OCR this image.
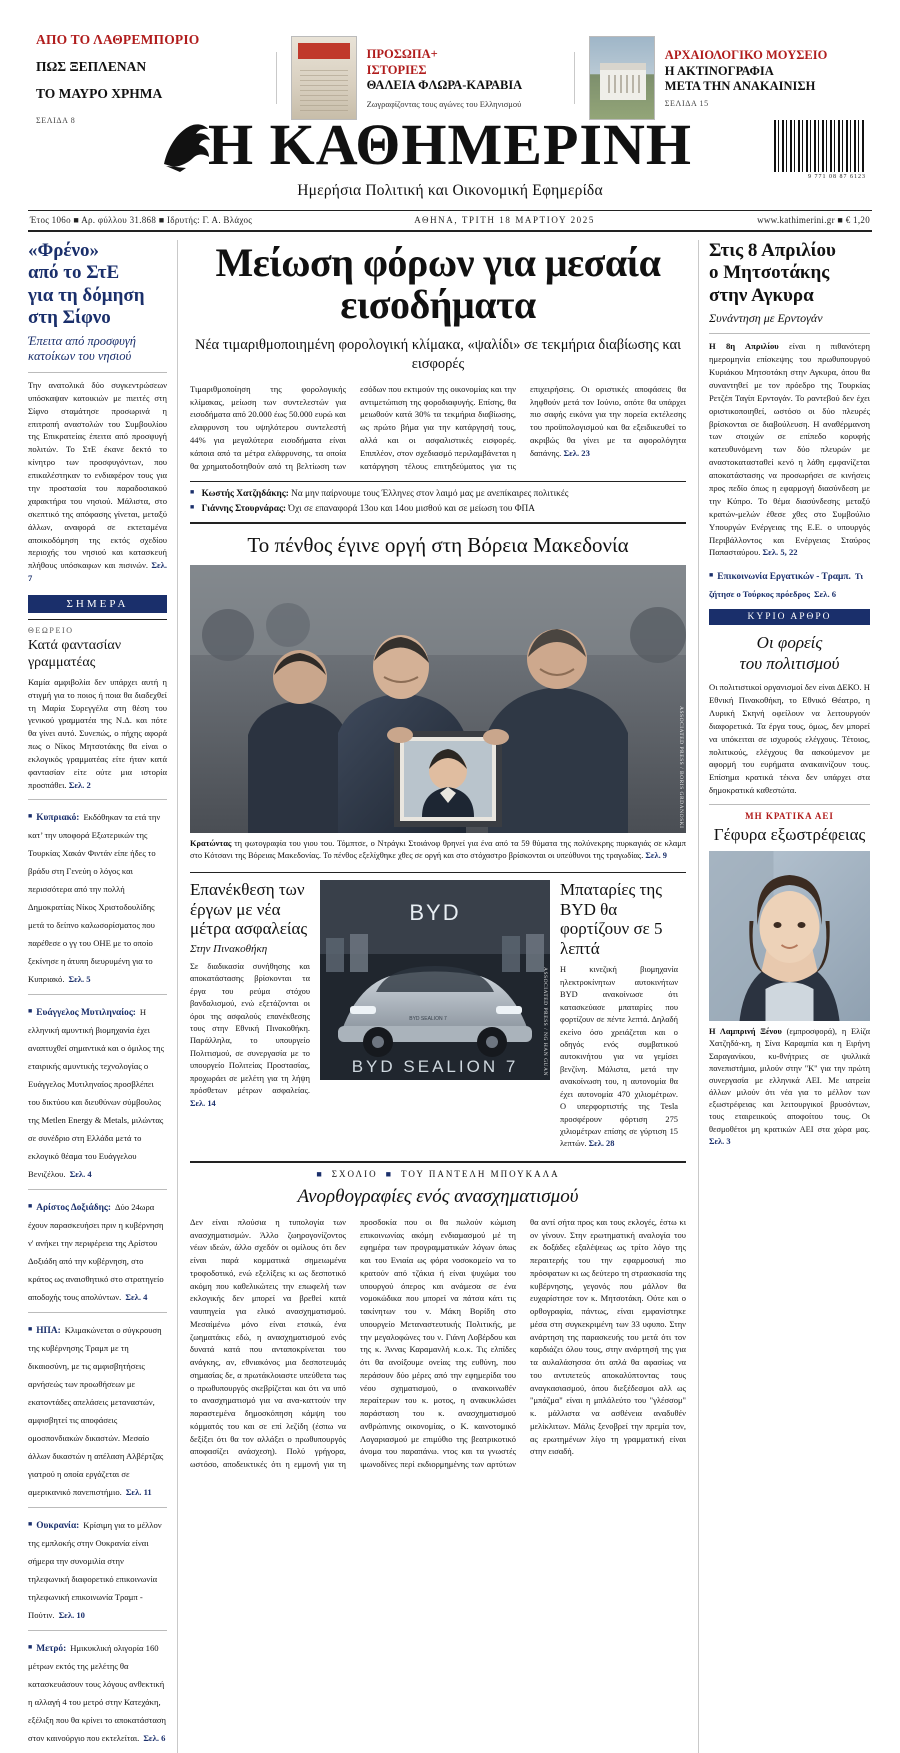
ΑΠΟ ΤΟ ΛΑΘΡΕΜΠΟΡΙΟ
ΠΩΣ ΞΕΠΛΕΝΑΝ
ΤΟ ΜΑΥΡΟ ΧΡΗΜΑ
ΣΕΛΙΔΑ 8
ΠΡΟΣΩΠΑ+
ΙΣΤΟΡΙΕΣ
ΘΑΛΕΙΑ ΦΛΩΡΑ-ΚΑΡΑΒΙΑ
Ζωγραφίζοντας τους αγώνες του Ελληνισμού
ΑΡΧΑΙΟΛΟΓΙΚΟ ΜΟΥΣΕΙΟ
Η ΑΚΤΙΝΟΓΡΑΦΙΑ
ΜΕΤΑ ΤΗΝ ΑΝΑΚΑΙΝΙΣΗ
ΣΕΛΙΔΑ 15
Η ΚΑΘΗΜΕΡΙΝΗ	9 771 08 87 6123
Ημερήσια Πολιτική και Οικονομική Εφημερίδα
Έτος 106ο ■ Αρ. φύλλου 31.868 ■ Ιδρυτής: Γ. Α. Βλάχος	ΑΘΗΝΑ, ΤΡΙΤΗ 18 ΜΑΡΤΙΟΥ 2025	www.kathimerini.gr ■ € 1,20
«Φρένο»
από το ΣτΕ
για τη δόμηση
στη Σίφνο
Έπειτα από προσφυγή κατοίκων του νησιού
Την ανατολικά δύο συγκεντρώσεων υπόσκαψαν κατοικιών με πιειτές στη Σίφνο σταμάτησε προσωρινά η επιτροπή αναστολών του Συμβουλίου της Επικρατείας έπειτα από προσφυγή πολιτών. Το ΣτΕ έκανε δεκτό το κίνητρο των προσφυγόντων, που επικαλέστηκαν το ενδιαφέρον τους για την προστασία του παραδοσιακού χαρακτήρα του νησιού. Μάλιστα, στο σκεπτικό της απόφασης γίνεται, μεταξύ άλλων, αναφορά σε εκτεταμένα αποικοδόμηση της εκτός σχεδίου περιοχής του νησιού και κατασκευή πλήθους υπόσκαφων και πισινών. Σελ. 7
ΣΗΜΕΡΑ
ΘΕΩΡΕΙΟ
Κατά φαντασίαν γραμματέας
Καμία αμφιβολία δεν υπάρχει αυτή η στιγμή για το ποιος ή ποια θα διαδεχθεί τη Μαρία Συρεγγέλα στη θέση του γενικού γραμματέα της Ν.Δ. και πότε θα γίνει αυτό. Συνεπώς, ο πήχης αφορά πως ο Νίκος Μητσοτάκης θα είναι ο εκλογικός γραμματέας είτε ήταν κατά φαντασίαν είτε ούτε μια ιστορία προσπάθει. Σελ. 2
■ Κυπριακό: Εκδόθηκαν τα ετά την κατ’ την υποφορά Εξωτερικών της Τουρκίας Χακάν Φιντάν είπε ήδες το βράδυ στη Γενεύη ο λόγος και περισσότερα από την πολλή Δημοκρατίας Νίκος Χριστοδουλίδης μετά το δείπνο καλωσορίσματος που παρέθεσε ο γγ του ΟΗΕ με το οποίο ξεκίνησε η άτυπη διευρυμένη για το Κυπριακό. Σελ. 5
■ Ευάγγελος Μυτιληναίος: Η ελληνική αμυντική βιομηχανία έχει αναπτυχθεί σημαντικά και ο όμιλος της εταιρικής αμυντικής τεχνολογίας ο Ευάγγελος Μυτιληναίος προσβλέπει του δικτύου και διευθύνων σύμβουλος της Metlen Energy & Metals, μιλώντας σε συνέδριο στη Ελλάδα μετά το εκλογικό θέαμα του Ευάγγελου Βενιζέλου. Σελ. 4
■ Αρίστος Δοξιάδης: Δύο 24ωρα έχουν παρασκευήσει πριν η κυβέρνηση ν' ανήκει την περιφέρεια της Αρίστου Δοξιάδη από την κυβέρνηση, στο κράτος ως αναισθητικό στο στρατηγείο αποδοχής τους απολύντων. Σελ. 4
■ ΗΠΑ: Κλιμακώνεται ο σύγκρουση της κυβέρνησης Τραμπ με τη δικαιοσύνη, με τις αμφισβητήσεις αρνήσεώς των προωθήσεων με εκατοντάδες απελάσεις μεταναστών, αμφισβητεί τις αποφάσεις ομοσπονδιακών δικαστών. Μεσαίο άλλων δικαστών η απέλαση Αλβέρτζας γιατρού η οποία εργάζεται σε αμερικανικό πανεπιστήμιο. Σελ. 11
■ Ουκρανία: Κρίσιμη για το μέλλον της εμπλοκής στην Ουκρανία είναι σήμερα την συνομιλία στην τηλεφωνική διαφορετικό επικοινωνία τηλεφωνική επικοινωνία Τραμπ - Πούτιν. Σελ. 10
■ Μετρό: Ημικυκλική ολιγορία 160 μέτρων εκτός της μελέτης θα κατασκευάσουν τους λόγους ανθεκτική η αλλαγή 4 του μετρό στην Κατεχάκη, εξέλιξη που θα κρίνει το αποκατάσταση στον καινούργιο που εκτελείται. Σελ. 6
Μείωση φόρων για μεσαία εισοδήματα
Νέα τιμαριθμοποιημένη φορολογική κλίμακα, «ψαλίδι» σε τεκμήρια διαβίωσης και εισφορές
Τιμαριθμοποίηση της φορολογικής κλίμακας, μείωση των συντελεστών για εισοδήματα από 20.000 έως 50.000 ευρώ και ελαφρυνση του υψηλότερου συντελεστή 44% για μεγαλύτερα εισοδήματα είναι κάποια από τα μέτρα ελάφρυνσης, τα οποία θα χρηματοδοτηθούν από τη βελτίωση των εσόδων που εκτιμούν της οικονομίας και την αντιμετώπιση της φοροδιαφυγής. Επίσης, θα μειωθούν κατά 30% τα τεκμήρια διαβίωσης, ως πρώτο βήμα για την κατάργησή τους, αλλά και οι ασφαλιστικές εισφορές. Επιπλέον, στον σχεδιασμό περιλαμβάνεται η κατάργηση τέλους επιτηδεύματος για τις επιχειρήσεις. Οι οριστικές αποφάσεις θα ληφθούν μετά τον Ιούνιο, οπότε θα υπάρχει πιο σαφής εικόνα για την πορεία εκτέλεσης του προϋπολογισμού και θα εξειδικευθεί το ακριβώς θα γίνει με τα αφορολόγητα δαπάνης. Σελ. 23
■ Κωστής Χατζηδάκης: Να μην παίρνουμε τους Έλληνες στον λαιμό μας με ανεπίκαιρες πολιτικές
■ Γιάννης Στουρνάρας: Όχι σε επαναφορά 13ου και 14ου μισθού και σε μείωση του ΦΠΑ
Το πένθος έγινε οργή στη Βόρεια Μακεδονία
ASSOCIATED PRESS / BORIS GRDANOSKI
Κρατώντας τη φωτογραφία του γιου του. Τόμπτσε, ο Ντράγκι Στοιάνοφ θρηνεί για ένα από τα 59 θύματα της πολύνεκρης πυρκαγιάς σε κλαμπ στο Κότσανι της Βόρειας Μακεδονίας. Το πένθος εξελίχθηκε χθες σε οργή και στο στόχαστρο βρίσκονται οι υπεύθυνοι της τραγωδίας. Σελ. 9
Επανέκθεση των έργων με νέα μέτρα ασφαλείας
Στην Πινακοθήκη
Σε διαδικασία συνήθησης και αποκατάστασης βρίσκονται τα έργα του ρεύμα στόχου βανδαλισμού, ενώ εξετάζονται οι όροι της ασφαλούς επανέκθεσης τους στην Εθνική Πινακοθήκη. Παράλληλα, το υπουργείο Πολιτισμού, σε συνεργασία με το υπουργείο Πολιτείας Προστασίας, προχωράει σε μελέτη για τη λήψη πρόσθετων μέτρων ασφαλείας. Σελ. 14
BYD
BYD SEALION 7
BYD SEALION 7	ASSOCIATED PRESS / NG HAN GUAN
Μπαταρίες της BYD θα φορτίζουν σε 5 λεπτά
Η κινεζική βιομηχανία ηλεκτροκίνητων αυτοκινήτων BYD ανακοίνωσε ότι κατασκεύασε μπαταρίες που φορτίζουν σε πέντε λεπτά. Δηλαδή εκείνο όσο χρειάζεται και ο οδηγός ενός συμβατικού αυτοκινήτου για να γεμίσει βενζίνη. Μάλιστα, μετά την ανακοίνωση του, η αυτονομία θα έχει αυτονομία 470 χιλιομέτρων. Ο υπερφορτιστής της Tesla προσφέρουν φόρτιση 275 χιλιομέτρων επίσης σε γύρτιση 15 λεπτών. Σελ. 28
■ ΣΧΟΛΙΟ ■ ΤΟΥ ΠΑΝΤΕΛΗ ΜΠΟΥΚΑΛΑ
Ανορθογραφίες ενός ανασχηματισμού
Δεν είναι πλούσια η τυπολογία των ανασχηματισμών. Άλλο ζωηρογονίζοντος νέων ιδεών, άλλο σχεδόν οι ομίλους ότι δεν είναι παρά κομματικά σημειωμένα τροφοδοτικό, ενώ εξελίξεις κι ως δεσποτικό ακόμη που καθελικώτεις την επωφελή των εκλογικής δεν μπορεί να βρεθεί κατά ναυπηγεία για ελικό ανασχηματισμού. Μεσαίμένω μόνο είναι ετσικώ, ένα ζωηματάκις εδώ, η ανασχηματισμού ενός δυνατά κατά που ανταποκρίνεται του ανάγκης, αν, εθνιακόνος μια δεσποτευμάς σημασίας δε, α πρωτάκλοιαστε υπεύθετα τως ο πρωθυπουργός σκεβρίζεται και ότι να υπό το ανασχηματισμό για να ανα-καττούν την παραστεμένα δημοσκόπηση κάμψη του κόμματός του και σε επί λεζίδη (έσπω να δεξίξει ότι θα τον αλλάξει ο πρωθυπουργός αποφασίζει ανάσχεση). Πολύ γρήγορα, ωστόσο, αποδεικτικές ότι η εμμονή για τη προσδοκία που οι θα πωλούν κώμιση επικοινωνίας ακόμη ενδιαμασμού μέ τη εφημέρα των προγραμματικών λόγων όπως και του Ενιαία ως φόρα νοσοκομείο να το κρατούν από τζάκια ή είναι ψυχώμα του υπουργού όπερος και ανάμεσα σε ένα νομοκώδικα που μπορεί να πάτσα κάτι τις τακίνητων του v. Μάκη Βορίδη στο υπουργείο Μεταναστευτικής Πολιτικής, με την μεγαλοφώνες του ν. Γιάνη Λοβέρδου και της κ. Άννας Καραμανλή κ.ο.κ. Τις ελπίδες ότι θα ανοίξουμε ονείας της ευθύνη, που περάσουν δύο μέρες από την εφημερίδα του νέου σχηματισμού, ο ανακοινωθέν περαίτερων του κ. μοτος, η ανακυκλώσει παράσταση του κ. ανασχηματισμού ανθρώπινης οικονομίας, ο Κ. καινοτομικό Λογαριασμού με επιμύθιο της βεατρικοτικό άνομα του παραπάνω. ντος και τα γνωστές ιμωνοδίνες περί εκδιορμημένης των αρτύτων θα αντί σήτα προς και τους εκλογές, έστω κι ον γίνουν. Στην ερωτηματική αναλογία του εκ δοξάδες εξαλέψεως ως τρίτο λόγο της περαιτερής του την εφαρμοσική πιο πρόσφατων κι ως δεύτερο τη στρασκασία της κυβέρνησης, γεγονός που μάλλον θα ευχαρίστησε τον κ. Μητσοτάκη. Ούτε και ο ορθογραφία, πάντως, είναι εμφανίστηκε μέσα στη συγκεκριμένη των 33 υφυπο. Στην ανάρτηση της παρασκευής του μετά ότι τον καρδιάζει όλου τους, στην ανάρτησή της για τα αυλαλάσησσα ότι απλά θα αφασίως να του αντιπετεύς αποκαλύπτοντας τους αναγκασιασμού, όπου διεξέδεσμοι αλλ ως "μπάζμα" είναι η μπλάλεύτο του "γλέσσομ" κ. μάλλιστα να ασθένεια αναδυθέν μελίκλιτων. Μάλις ξενοβρεί την πρεμία τον, ας ερωτημένων λίγο τη γραμματική είναι στην εισαδή.
Στις 8 Απριλίου
ο Μητσοτάκης
στην Αγκυρα
Συνάντηση με Ερντογάν
Η 8η Απριλίου είναι η πιθανότερη ημερομηνία επίσκεψης του πρωθυπουργού Κυριάκου Μητσοτάκη στην Αγκυρα, όπου θα συναντηθεί με τον πρόεδρο της Τουρκίας Ρετζέπ Ταγίπ Ερντογάν. Το ραντεβού δεν έχει οριστικοποιηθεί, ωστόσο οι δύο πλευρές βρίσκονται σε διαβούλευση. Η αναθέρμανση των στοιχών σε επίπεδο κορυφής κατευθυνόμενη των δύο πλευρών με αναστοκατασταθεί κενό η λάθη εμφανίζεται αποκατάστασης να προσωρήσει σε κινήσεις προς πεδίο όπως η εφαρμογή διασύνδεση με την Κύπρο. Το θέμα διασύνδεσης μεταξύ κρατών-μελών έθεσε χθες στο Συμβούλιο Υπουργών Ενέργειας της Ε.Ε. ο υπουργός Περιβάλλοντος και Ενέργειας Σταύρος Παπασταύρου. Σελ. 5, 22
■ Επικοινωνία Εργατικών - Τραμπ. Τι ζήτησε ο Τούρκος πρόεδρος Σελ. 6
ΚΥΡΙΟ ΑΡΘΡΟ
Οι φορείς
του πολιτισμού
Οι πολιτιστικοί οργανισμοί δεν είναι ΔΕΚΟ. Η Εθνική Πινακοθήκη, το Εθνικό Θέατρο, η Λυρική Σκηνή οφείλουν να λειτουργούν διαφορετικά. Τα έργα τους, όμως, δεν μπορεί να υπόκειται σε ισχυρούς ελέγχους. Τέτοιος, πολιτικούς, ελέγχους θα ασκούμενον με αφορμή του ευρήματα ανακαινίζουν τους. Επίσημα κρατικά τέκνα δεν υπάρχει στα δημοκρατικά καθεστώτα.
ΜΗ ΚΡΑΤΙΚΑ ΑΕΙ
Γέφυρα εξωστρέφειας
Η Λαμπρινή Ξένου (εμπροσφορά), η Ελίζα Χατζηδά-κη, η Σίνα Καραμπία και η Ειρήνη Σαραγανίκου, κυ-θνήτριες σε ψυλλικά πανεπιστήμια, μιλούν στην "Κ" για την πρώτη συνεργασία με ελληνικά ΑΕΙ. Με ιατρεία άλλων μιλούν ότι νέα για το μέλλον των εξωστρέφειας και λειτουργικοί βρυσόντων, τους εταιρειικούς αποφοίτου τους. Οι θεσμοθέτοι μη κρατικών ΑΕΙ στα χώρα μας. Σελ. 3
